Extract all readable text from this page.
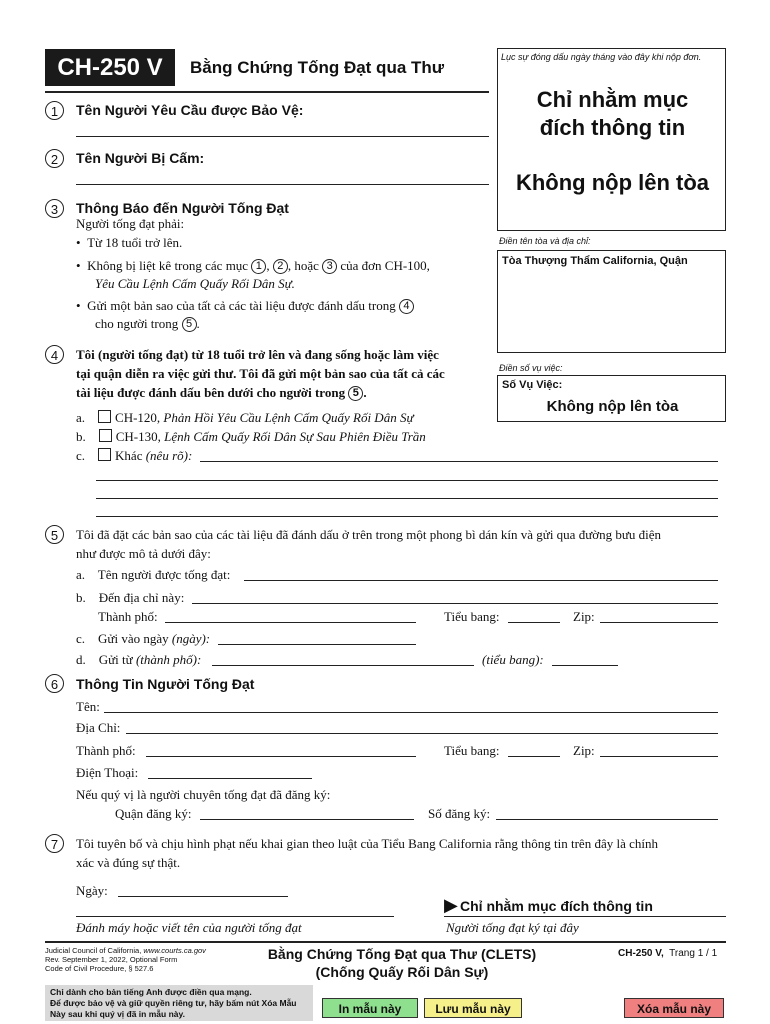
CH-250 V	Bằng Chứng Tống Đạt qua Thư
Lục sự đóng dấu ngày tháng vào đây khi nộp đơn.
Chỉ nhằm mục
đích thông tin
Không nộp lên tòa
Điền tên tòa và địa chỉ:
Tòa Thượng Thẩm California, Quận
Điền số vụ việc:
Số Vụ Việc:
Không nộp lên tòa
1	Tên Người Yêu Cầu được Bảo Vệ:
2	Tên Người Bị Cấm:
3	Thông Báo đến Người Tống Đạt
Người tống đạt phải:
•  Từ 18 tuổi trở lên.
•  Không bị liệt kê trong các mục 1 , 2 , hoặc 3 của đơn CH-100,
Yêu Cầu Lệnh Cấm Quấy Rối Dân Sự.
•  Gửi một bản sao của tất cả các tài liệu được đánh dấu trong 4
cho người trong 5 .
4	Tôi (người tống đạt) từ 18 tuổi trở lên và đang sống hoặc làm việc
tại quận diễn ra việc gửi thư. Tôi đã gửi một bản sao của tất cả các
tài liệu được đánh dấu bên dưới cho người trong 5 .
a. CH-120, Phản Hồi Yêu Cầu Lệnh Cấm Quấy Rối Dân Sự
b. CH-130, Lệnh Cấm Quấy Rối Dân Sự Sau Phiên Điều Trần
c. Khác (nêu rõ):
5	Tôi đã đặt các bản sao của các tài liệu đã đánh dấu ở trên trong một phong bì dán kín và gửi qua đường bưu điện
như được mô tả dưới đây:
a. Tên người được tống đạt:
b. Đến địa chỉ này:
Thành phố:	Tiểu bang:	Zip:
c. Gửi vào ngày (ngày):
d. Gửi từ (thành phố):	(tiểu bang):
6	Thông Tin Người Tống Đạt
Tên:
Địa Chỉ:
Thành phố:	Tiểu bang:	Zip:
Điện Thoại:
Nếu quý vị là người chuyên tống đạt đã đăng ký:
Quận đăng ký:	Số đăng ký:
7	Tôi tuyên bố và chịu hình phạt nếu khai gian theo luật của Tiểu Bang California rằng thông tin trên đây là chính
xác và đúng sự thật.
Ngày:
Đánh máy hoặc viết tên của người tống đạt
▶ Chỉ nhằm mục đích thông tin
Người tống đạt ký tại đây
Judicial Council of California, www.courts.ca.gov
Rev. September 1, 2022, Optional Form
Code of Civil Procedure, § 527.6
Bằng Chứng Tống Đạt qua Thư (CLETS)
(Chống Quấy Rối Dân Sự)
CH-250 V, Trang 1 / 1
Chỉ dành cho bản tiếng Anh được điền qua mạng.
Để được bảo vệ và giữ quyền riêng tư, hãy bấm nút Xóa Mẫu
Này sau khi quý vị đã in mẫu này.	In mẫu này	Lưu mẫu này	Xóa mẫu này
